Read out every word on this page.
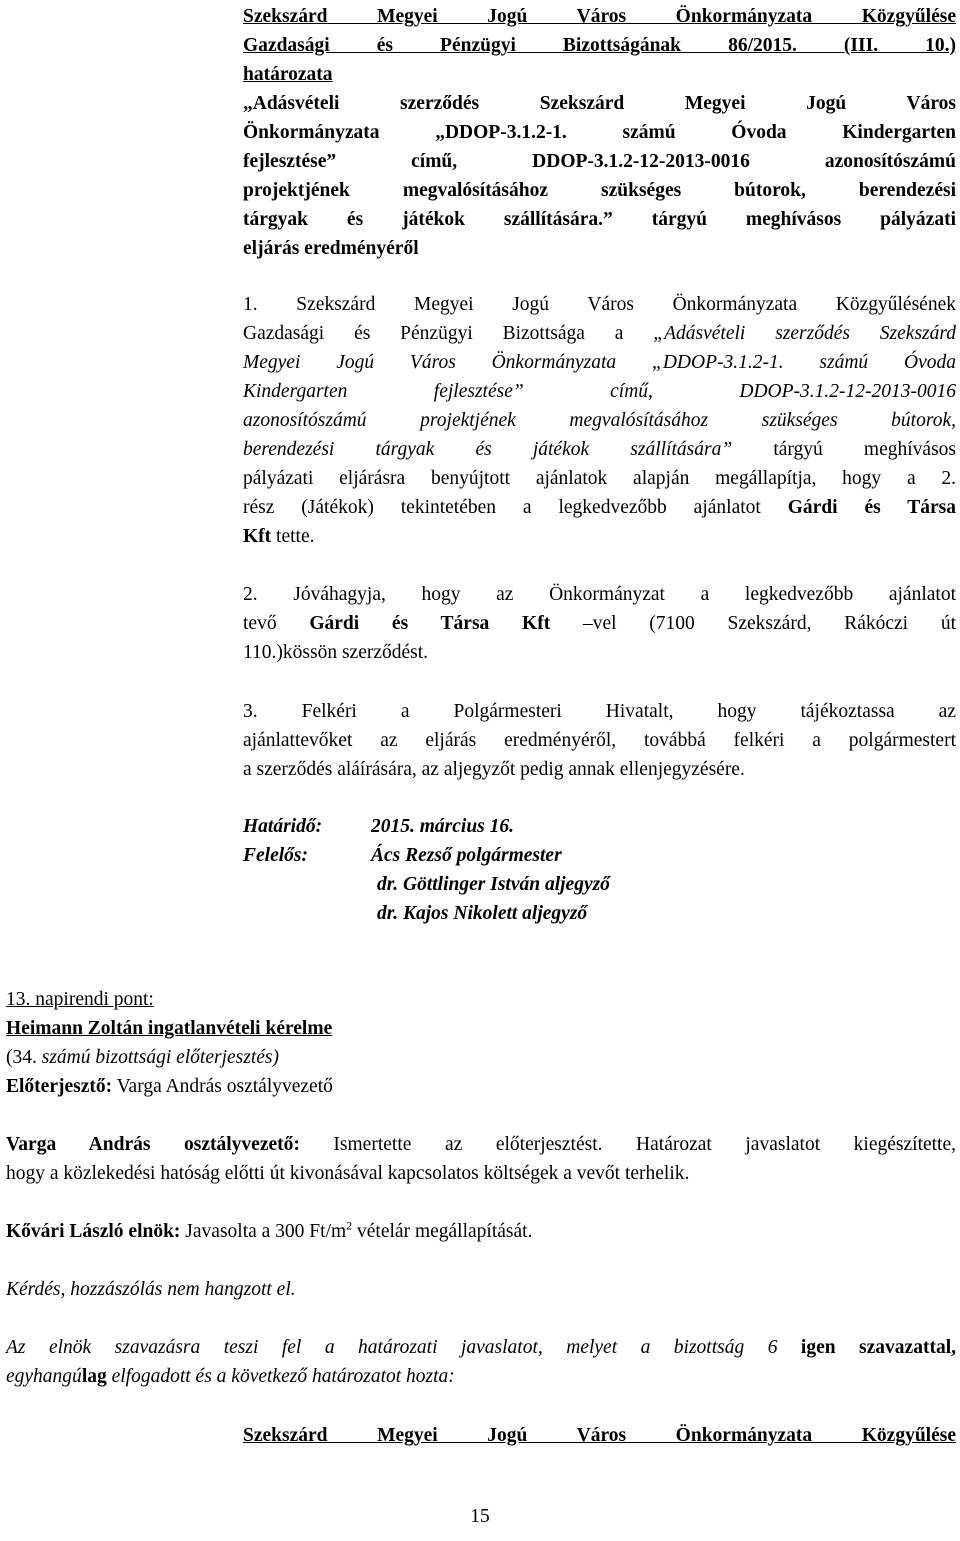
Szekszárd Megyei Jogú Város Önkormányzata Közgyűlése
Gazdasági és Pénzügyi Bizottságának 86/2015. (III. 10.)
határozata
„Adásvételi szerződés Szekszárd Megyei Jogú Város
Önkormányzata „DDOP-3.1.2-1. számú Óvoda Kindergarten
fejlesztése” című, DDOP-3.1.2-12-2013-0016 azonosítószámú
projektjének megvalósításához szükséges bútorok, berendezési
tárgyak és játékok szállítására.” tárgyú meghívásos pályázati
eljárás eredményéről
1. Szekszárd Megyei Jogú Város Önkormányzata Közgyűlésének
Gazdasági és Pénzügyi Bizottsága a „Adásvételi szerződés Szekszárd
Megyei Jogú Város Önkormányzata „DDOP-3.1.2-1. számú Óvoda
Kindergarten fejlesztése” című, DDOP-3.1.2-12-2013-0016
azonosítószámú projektjének megvalósításához szükséges bútorok,
berendezési tárgyak és játékok szállítására” tárgyú meghívásos
pályázati eljárásra benyújtott ajánlatok alapján megállapítja, hogy a 2.
rész (Játékok) tekintetében a legkedvezőbb ajánlatot Gárdi és Társa
Kft tette.
2. Jóváhagyja, hogy az Önkormányzat a legkedvezőbb ajánlatot
tevő Gárdi és Társa Kft –vel (7100 Szekszárd, Rákóczi út
110.)kössön szerződést.
3. Felkéri a Polgármesteri Hivatalt, hogy tájékoztassa az
ajánlattevőket az eljárás eredményéről, továbbá felkéri a polgármestert
a szerződés aláírására, az aljegyzőt pedig annak ellenjegyzésére.
Határidő:	2015. március 16.
Felelős:	Ács Rezső polgármester
dr. Göttlinger István aljegyző
dr. Kajos Nikolett aljegyző
13. napirendi pont:
Heimann Zoltán ingatlanvételi kérelme
(34. számú bizottsági előterjesztés)
Előterjesztő: Varga András osztályvezető
Varga András osztályvezető: Ismertette az előterjesztést. Határozat javaslatot kiegészítette,
hogy a közlekedési hatóság előtti út kivonásával kapcsolatos költségek a vevőt terhelik.
Kővári László elnök: Javasolta a 300 $Ft/m^2$ vételár megállapítását.
Kérdés, hozzászólás nem hangzott el.
Az elnök szavazásra teszi fel a határozati javaslatot, melyet a bizottság 6 igen szavazattal,
egyhangúlag elfogadott és a következő határozatot hozta:
Szekszárd Megyei Jogú Város Önkormányzata Közgyűlése
15
